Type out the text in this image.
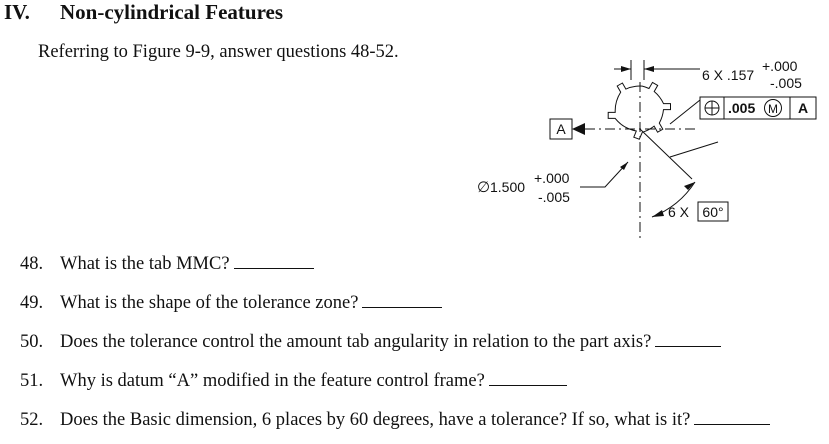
IV. Non-cylindrical Features
Referring to Figure 9-9, answer questions 48-52.
6 X .157
+.000
-.005
.005 M A
A
∅ 1.500
+.000
-.005
6 X 60°
48. What is the tab MMC?
49. What is the shape of the tolerance zone?
50. Does the tolerance control the amount tab angularity in relation to the part axis?
51. Why is datum “A” modified in the feature control frame?
52. Does the Basic dimension, 6 places by 60 degrees, have a tolerance? If so, what is it?
